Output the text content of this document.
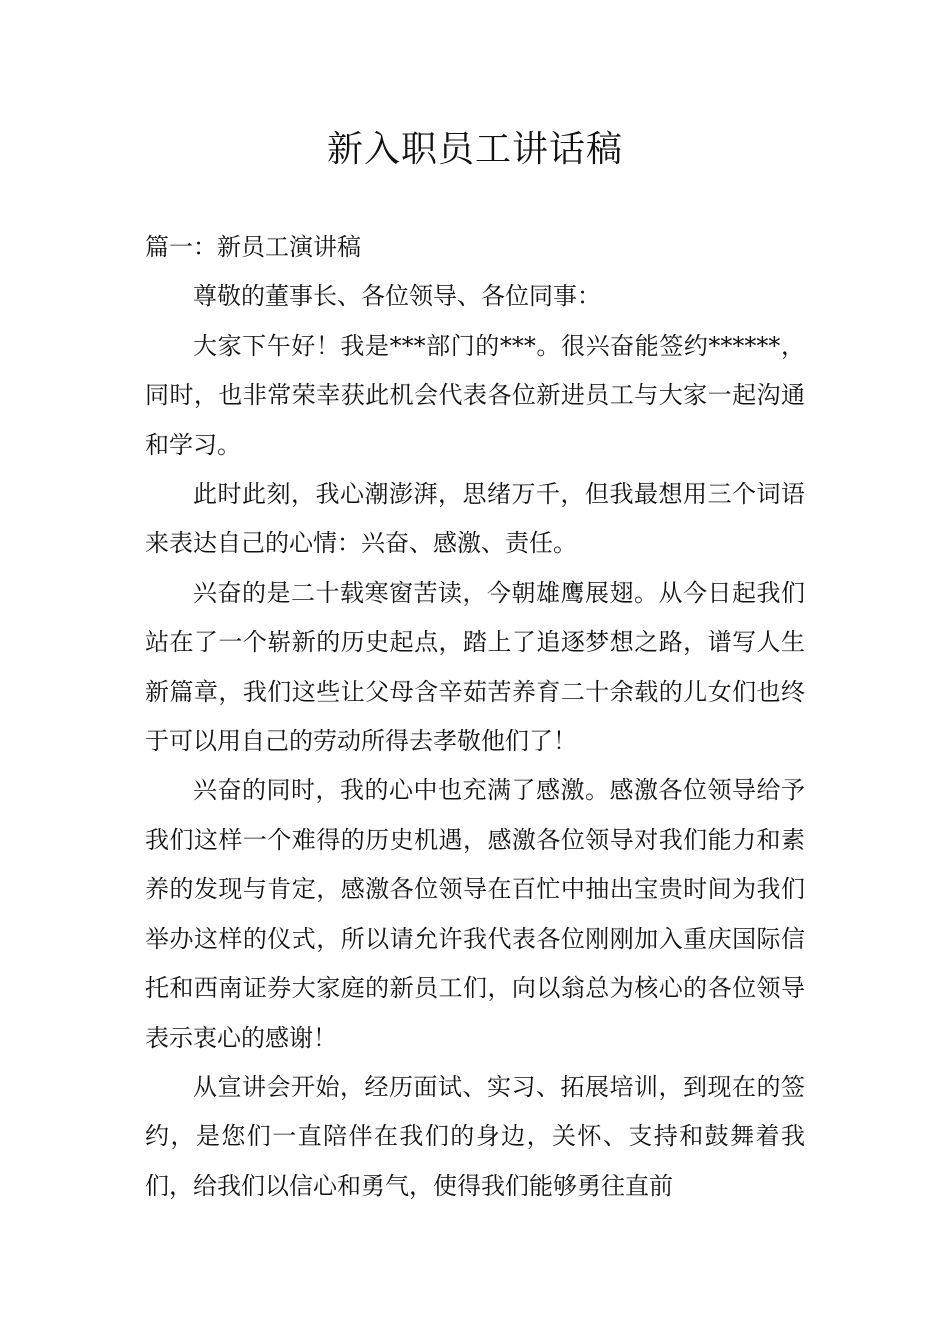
新入职员工讲话稿

篇一：新员工演讲稿

尊敬的董事长、各位领导、各位同事：

大家下午好！我是***部门的***。很兴奋能签约******，同时，也非常荣幸获此机会代表各位新进员工与大家一起沟通和学习。

此时此刻，我心潮澎湃，思绪万千，但我最想用三个词语来表达自己的心情：兴奋、感激、责任。

兴奋的是二十载寒窗苦读，今朝雄鹰展翅。从今日起我们站在了一个崭新的历史起点，踏上了追逐梦想之路，谱写人生新篇章，我们这些让父母含辛茹苦养育二十余载的儿女们也终于可以用自己的劳动所得去孝敬他们了！

兴奋的同时，我的心中也充满了感激。感激各位领导给予我们这样一个难得的历史机遇，感激各位领导对我们能力和素养的发现与肯定，感激各位领导在百忙中抽出宝贵时间为我们举办这样的仪式，所以请允许我代表各位刚刚加入重庆国际信托和西南证券大家庭的新员工们，向以翁总为核心的各位领导表示衷心的感谢！

从宣讲会开始，经历面试、实习、拓展培训，到现在的签约，是您们一直陪伴在我们的身边，关怀、支持和鼓舞着我们，给我们以信心和勇气，使得我们能够勇往直前
